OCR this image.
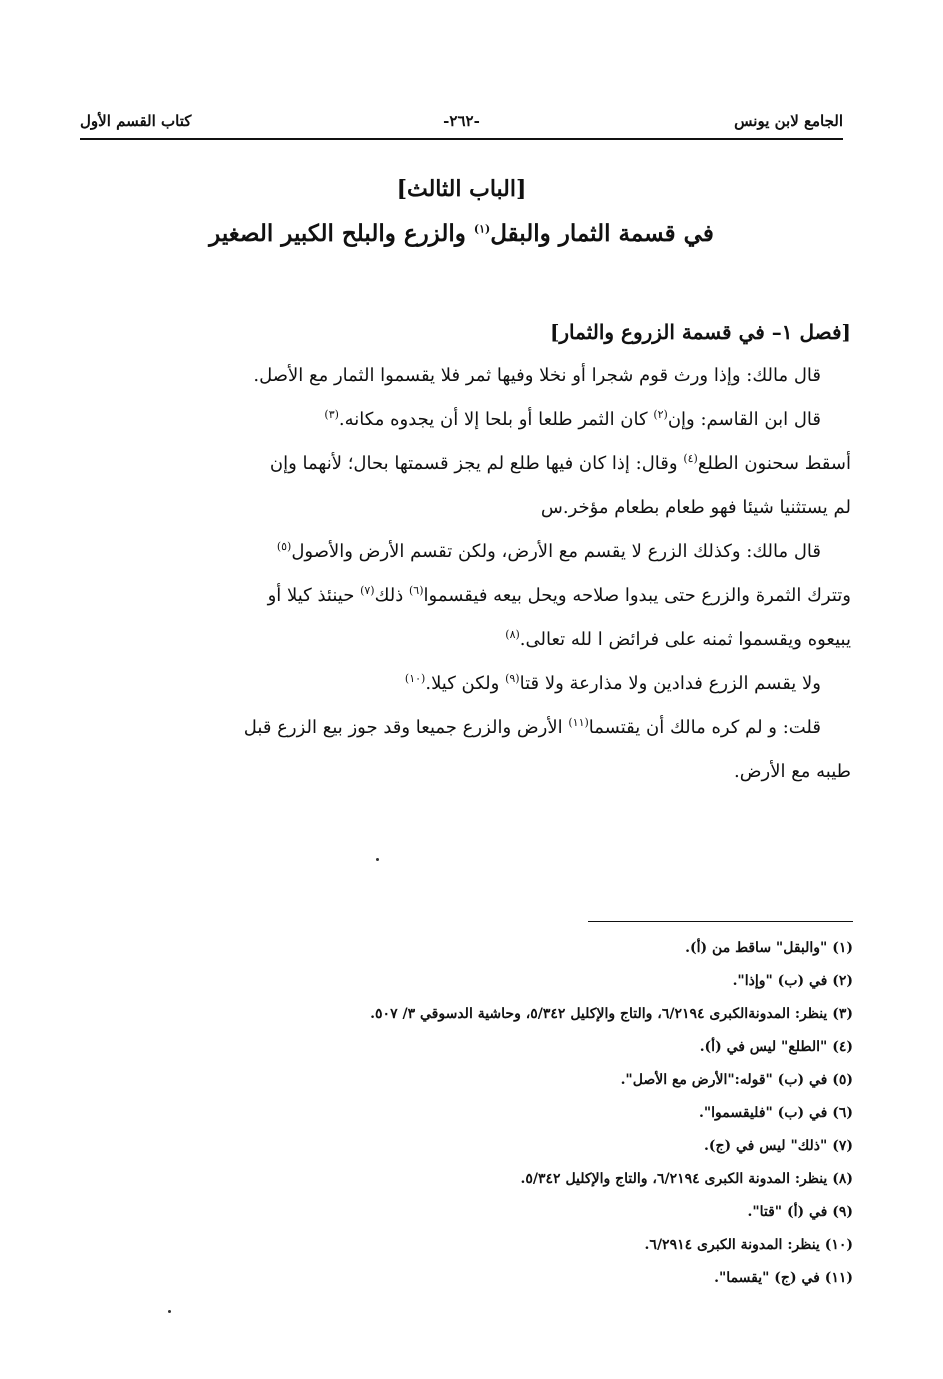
الجامع لابن يونس
-٢٦٢-
كتاب القسم الأول
[الباب الثالث]
في قسمة الثمار والبقل$^{(١)}$ والزرع والبلح الكبير الصغير
[فصل ١– في قسمة الزروع والثمار]
قال مالك: وإذا ورث قوم شجرا أو نخلا وفيها ثمر فلا يقسموا الثمار مع الأصل.
قال ابن القاسم: وإن$^{(٢)}$ كان الثمر طلعا أو بلحا إلا أن يجدوه مكانه.$^{(٣)}$
أسقط سحنون الطلع$^{(٤)}$ وقال: إذا كان فيها طلع لم يجز قسمتها بحال؛ لأنهما وإن
لم يستثنيا شيئا فهو طعام بطعام مؤخر.س
قال مالك: وكذلك الزرع لا يقسم مع الأرض، ولكن تقسم الأرض والأصول$^{(٥)}$
وتترك الثمرة والزرع حتى يبدوا صلاحه ويحل بيعه فيقسموا$^{(٦)}$ ذلك$^{(٧)}$ حينئذ كيلا أو
يبيعوه ويقسموا ثمنه على فرائض ا لله تعالى.$^{(٨)}$
ولا يقسم الزرع فدادين ولا مذارعة ولا قتا$^{(٩)}$ ولكن كيلا.$^{(١٠)}$
قلت: و لم كره مالك أن يقتسما$^{(١١)}$ الأرض والزرع جميعا وقد جوز بيع الزرع قبل
طيبه مع الأرض.
(١) "والبقل" ساقط من (أ).
(٢) في (ب) "وإذا".
(٣) ينظر: المدونةالكبرى ٦/٢١٩٤، والتاج والإكليل ٥/٣٤٢، وحاشية الدسوقي ٣/ ٥٠٧.
(٤) "الطلع" ليس في (أ).
(٥) في (ب) "قوله:"الأرض مع الأصل".
(٦) في (ب) "فليقسموا".
(٧) "ذلك" ليس في (ج).
(٨) ينظر: المدونة الكبرى ٦/٢١٩٤، والتاج والإكليل ٥/٣٤٢.
(٩) في (أ) "قتا".
(١٠) ينظر: المدونة الكبرى ٦/٢٩١٤.
(١١) في (ج) "يقسما".
